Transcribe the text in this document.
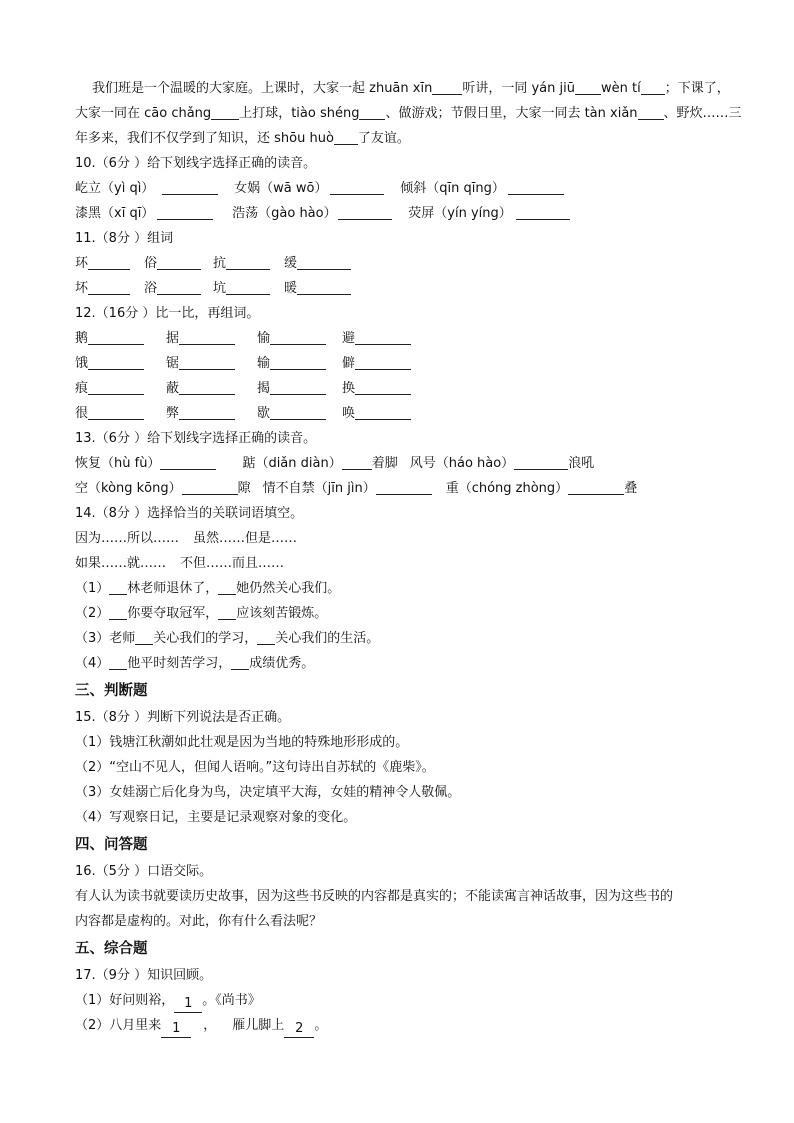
我们班是一个温暖的大家庭。上课时，大家一起 zhuān xīn 听讲，一同 yán jiū wèn tí ；下课了，
大家一同在 cāo chǎng 上打球，tiào shéng 、做游戏；节假日里，大家一同去 tàn xiǎn 、野炊……三
年多来，我们不仅学到了知识，还 shōu huò 了友谊。
10.（6分 ）给下划线字选择正确的读音。
屹立（yì qì）	女娲（wā wō）	倾斜（qīn qīng）
漆黑（xī qī）	浩荡（gào hào）	荧屏（yín yíng）
11.（8分 ）组词
环	俗	抗	缓
坏	浴	坑	暖
12.（16分 ）比一比，再组词。
鹅	据	愉	避
饿	锯	输	僻
痕	蔽	揭	换
很	弊	歇	唤
13.（6分 ）给下划线字选择正确的读音。
恢复（hù fù）	踮（diǎn diàn） 着脚 风号（háo hào）	浪吼
空（kòng kōng）	隙 情不自禁（jīn jìn）	重（chóng zhòng）	叠
14.（8分 ）选择恰当的关联词语填空。
因为……所以…… 虽然……但是……
如果……就…… 不但……而且……
（1） 林老师退休了， 她仍然关心我们。
（2） 你要夺取冠军， 应该刻苦锻炼。
（3）老师 关心我们的学习， 关心我们的生活。
（4） 他平时刻苦学习， 成绩优秀。
三、判断题
15.（8分 ）判断下列说法是否正确。
（1）钱塘江秋潮如此壮观是因为当地的特殊地形形成的。
（2）“空山不见人，但闻人语响。”这句诗出自苏轼的《鹿柴》。
（3）女娃溺亡后化身为鸟，决定填平大海，女娃的精神令人敬佩。
（4）写观察日记，主要是记录观察对象的变化。
四、问答题
16.（5分 ）口语交际。
有人认为读书就要读历史故事，因为这些书反映的内容都是真实的；不能读寓言神话故事，因为这些书的
内容都是虚构的。对此，你有什么看法呢？
五、综合题
17.（9分 ）知识回顾。
（1）好问则裕， 1 。《尚书》
（2）八月里来 1 ， 雁儿脚上 2 。
